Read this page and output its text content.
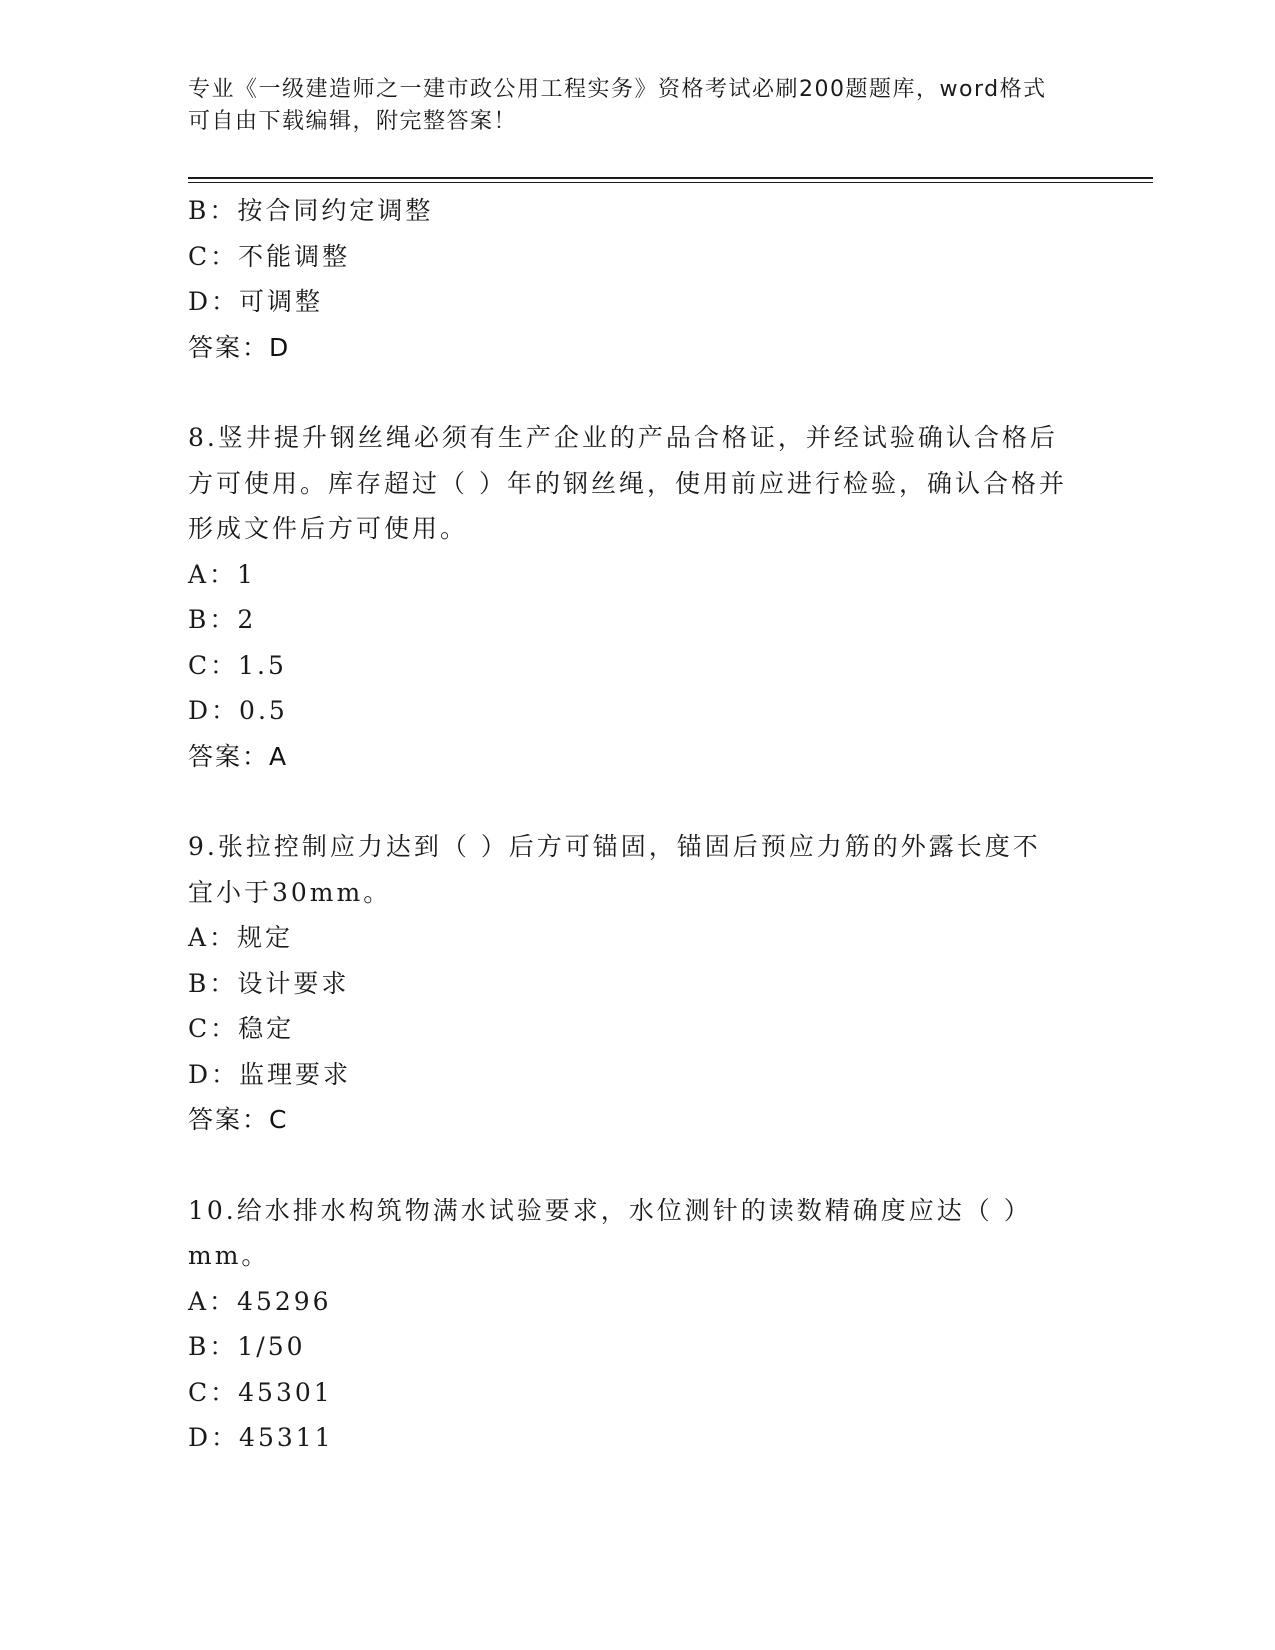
专业《一级建造师之一建市政公用工程实务》资格考试必刷200题题库，word格式可自由下载编辑，附完整答案！
B：按合同约定调整
C：不能调整
D：可调整
答案：D
8.竖井提升钢丝绳必须有生产企业的产品合格证，并经试验确认合格后方可使用。库存超过（ ）年的钢丝绳，使用前应进行检验，确认合格并形成文件后方可使用。
A：1
B：2
C：1.5
D：0.5
答案：A
9.张拉控制应力达到（ ）后方可锚固，锚固后预应力筋的外露长度不宜小于30mm。
A：规定
B：设计要求
C：稳定
D：监理要求
答案：C
10.给水排水构筑物满水试验要求，水位测针的读数精确度应达（ ）mm。
A：45296
B：1/50
C：45301
D：45311
